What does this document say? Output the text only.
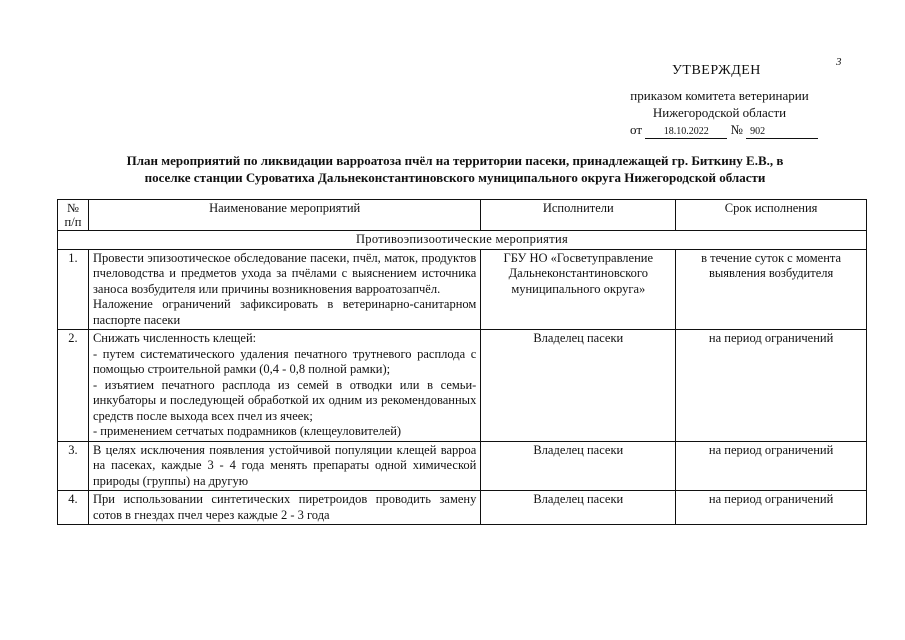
3
УТВЕРЖДЕН
приказом комитета ветеринарии
Нижегородской области
от 18.10.2022 № 902
План мероприятий по ликвидации варроатоза пчёл на территории пасеки, принадлежащей гр. Биткину Е.В., в
поселке станции Суроватиха Дальнеконстантиновского муниципального округа Нижегородской области
№
п/п	Наименование мероприятий	Исполнители	Срок исполнения
Противоэпизоотические мероприятия			
1.	Провести эпизоотическое обследование пасеки, пчёл, маток, продуктов пчеловодства и предметов ухода за пчёлами с выяснением источника заноса возбудителя или причины возникновения варроатозапчёл.
Наложение ограничений зафиксировать в ветеринарно-санитарном паспорте пасеки	ГБУ НО «Госветуправление Дальнеконстантиновского муниципального округа»	в течение суток с момента выявления возбудителя
2.	Снижать численность клещей:
- путем систематического удаления печатного трутневого расплода с помощью строительной рамки (0,4 - 0,8 полной рамки);
- изъятием печатного расплода из семей в отводки или в семьи-инкубаторы и последующей обработкой их одним из рекомендованных средств после выхода всех пчел из ячеек;
- применением сетчатых подрамников (клещеуловителей)	Владелец пасеки	на период ограничений
3.	В целях исключения появления устойчивой популяции клещей варроа на пасеках, каждые 3 - 4 года менять препараты одной химической природы (группы) на другую	Владелец пасеки	на период ограничений
4.	При использовании синтетических пиретроидов проводить замену сотов в гнездах пчел через каждые 2 - 3 года	Владелец пасеки	на период ограничений
